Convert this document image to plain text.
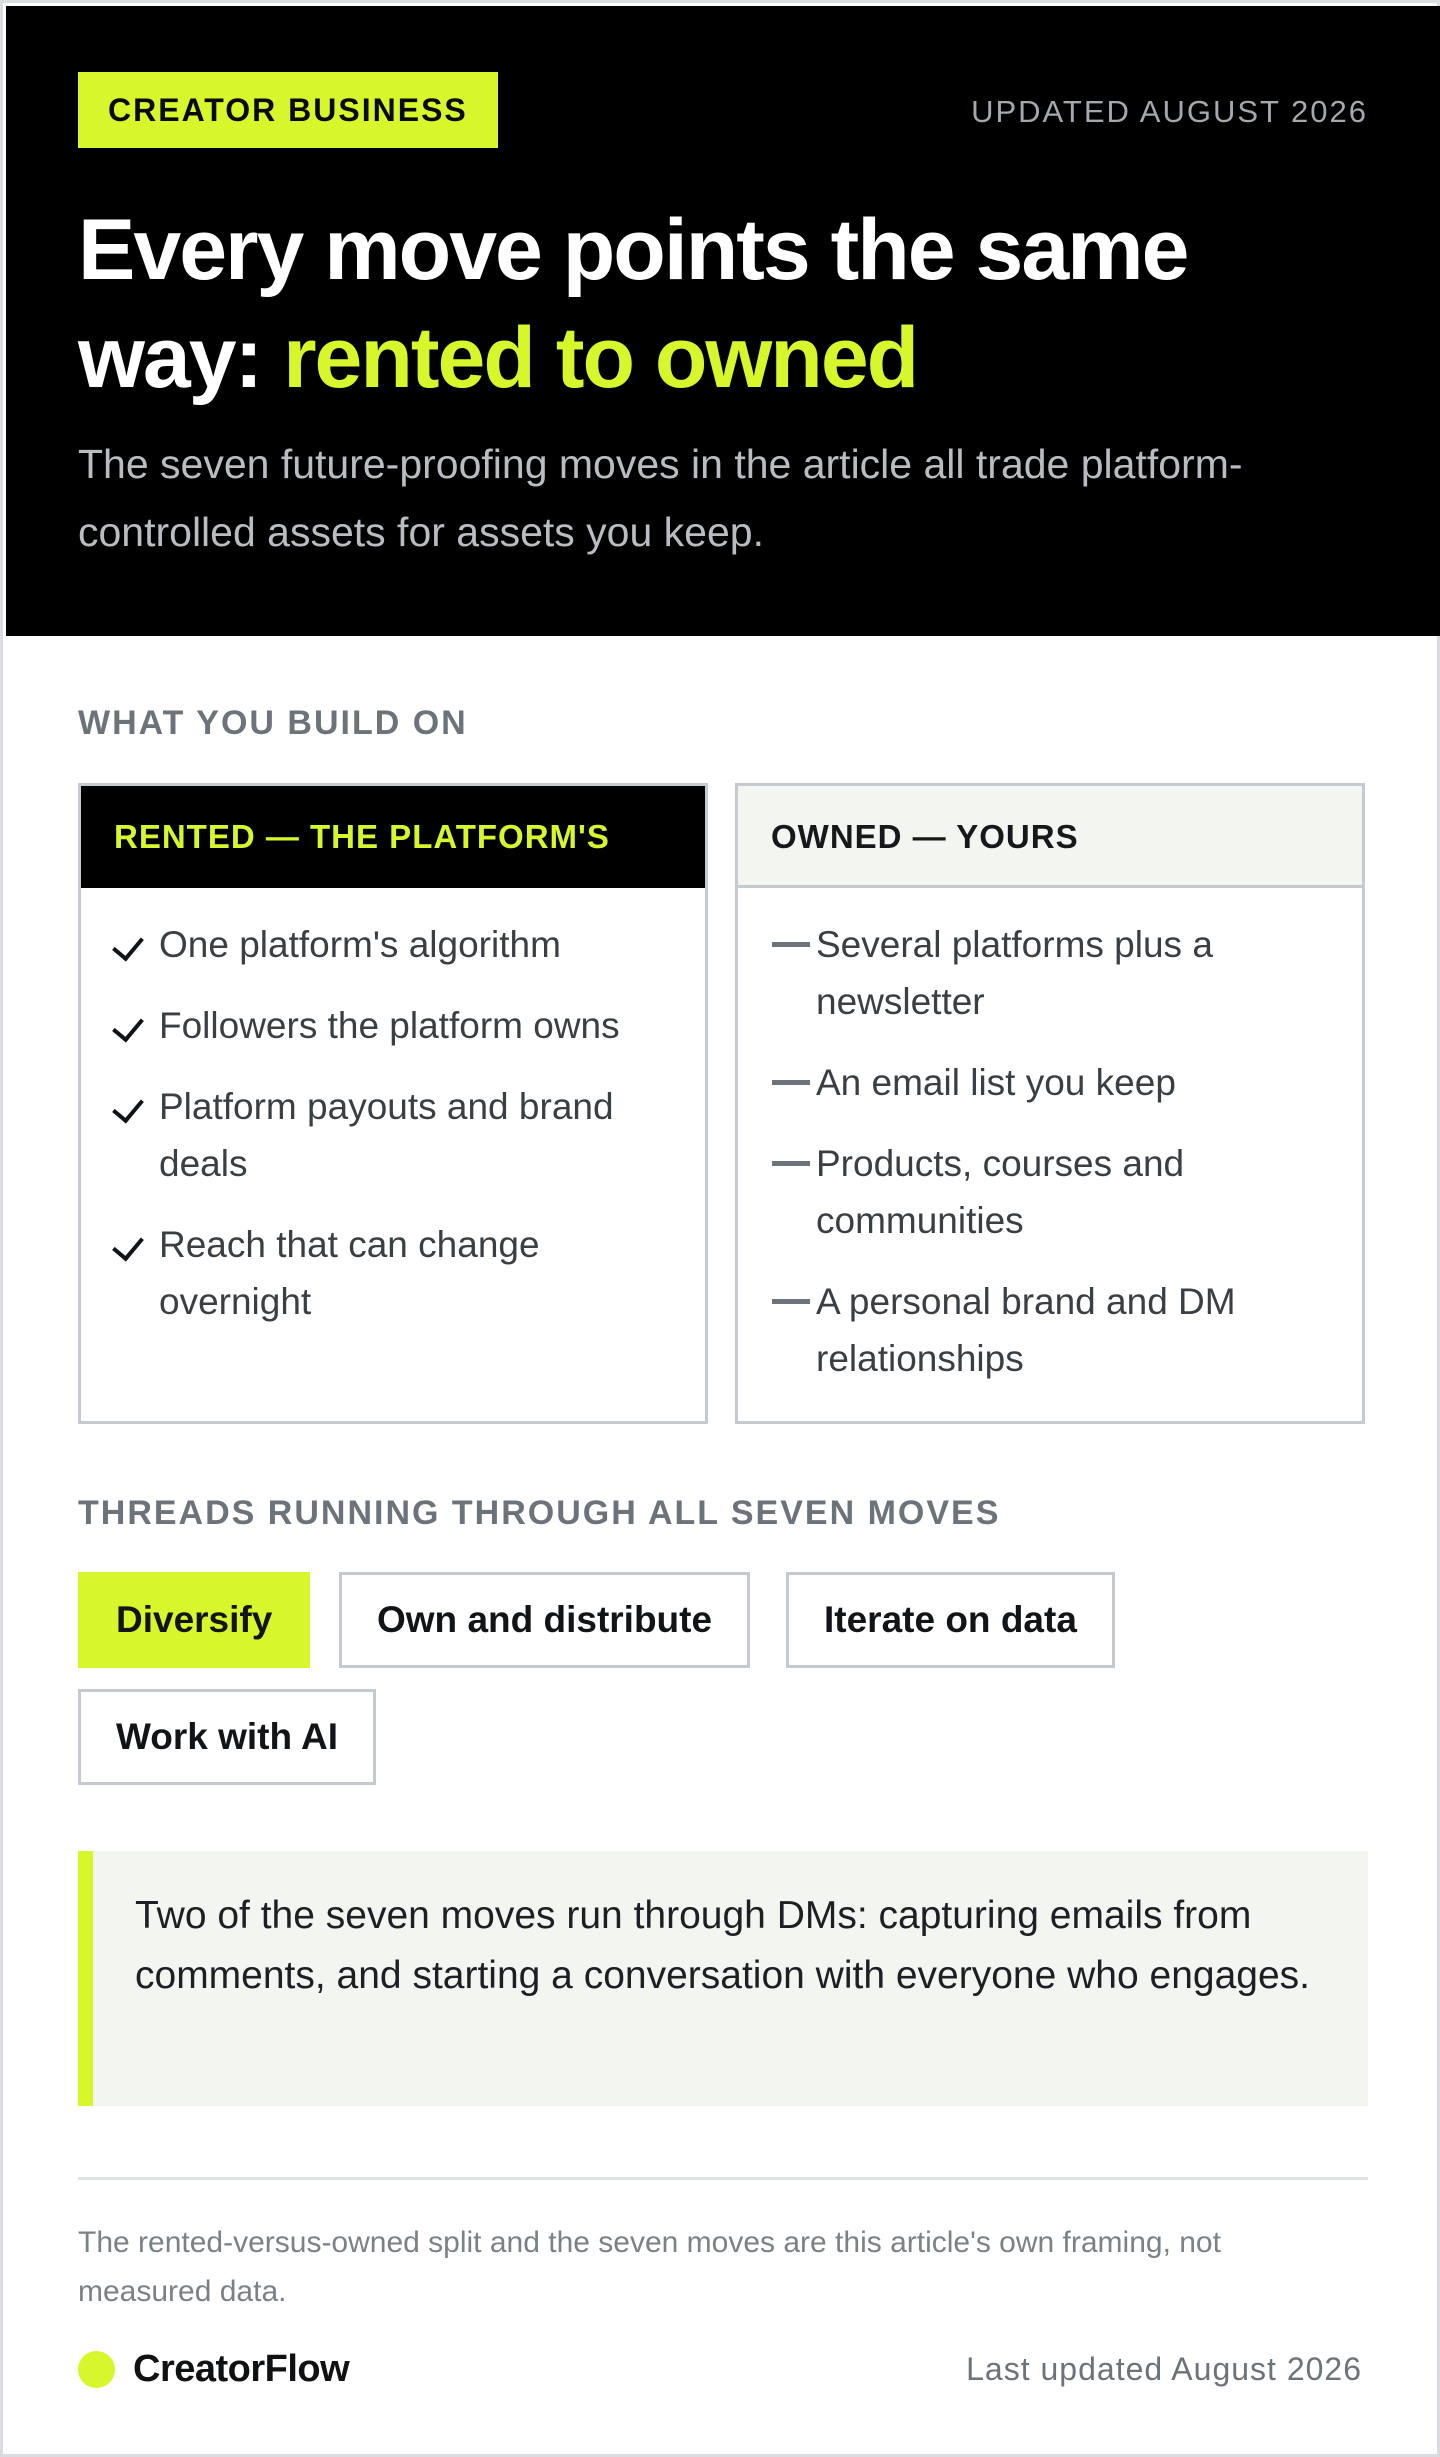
CREATOR BUSINESS	UPDATED AUGUST 2026
Every move points the same way: rented to owned

The seven future-proofing moves in the article all trade platform-controlled assets for assets you keep.

WHAT YOU BUILD ON
RENTED — THE PLATFORM'S
One platform's algorithm
Followers the platform owns
Platform payouts and brand deals
Reach that can change overnight
OWNED — YOURS
Several platforms plus a newsletter
An email list you keep
Products, courses and communities
A personal brand and DM relationships
THREADS RUNNING THROUGH ALL SEVEN MOVES
Diversify	Own and distribute	Iterate on data
Work with AI

Two of the seven moves run through DMs: capturing emails from comments, and starting a conversation with everyone who engages.

The rented-versus-owned split and the seven moves are this article's own framing, not measured data.

CreatorFlow	Last updated August 2026
